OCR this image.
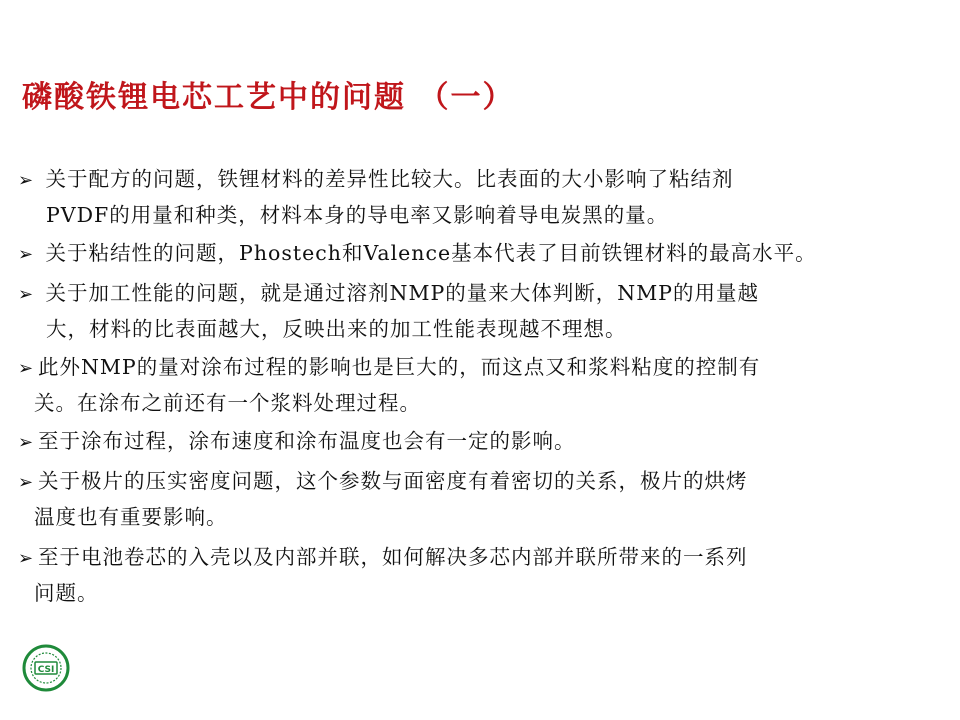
磷酸铁锂电芯工艺中的问题 （一）
➢ 关于配方的问题，铁锂材料的差异性比较大。比表面的大小影响了粘结剂
PVDF的用量和种类，材料本身的导电率又影响着导电炭黑的量。
➢ 关于粘结性的问题，Phostech和Valence基本代表了目前铁锂材料的最高水平。
➢ 关于加工性能的问题，就是通过溶剂NMP的量来大体判断，NMP的用量越
大，材料的比表面越大，反映出来的加工性能表现越不理想。
➢ 此外NMP的量对涂布过程的影响也是巨大的，而这点又和浆料粘度的控制有
关。在涂布之前还有一个浆料处理过程。
➢ 至于涂布过程，涂布速度和涂布温度也会有一定的影响。
➢ 关于极片的压实密度问题，这个参数与面密度有着密切的关系，极片的烘烤
温度也有重要影响。
➢ 至于电池卷芯的入壳以及内部并联，如何解决多芯内部并联所带来的一系列
问题。
CSI
